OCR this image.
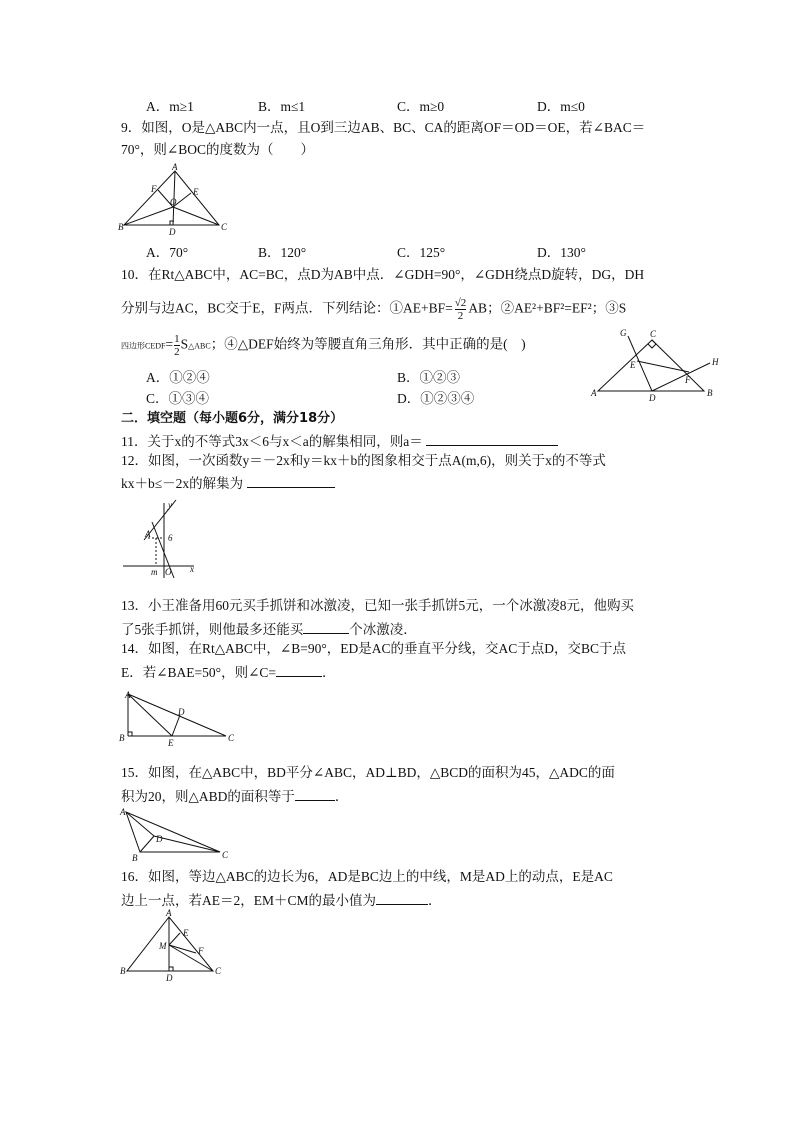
A．m≥1	B．m≤1	C．m≥0	D．m≤0
9．如图，O是△ABC内一点，且O到三边AB、BC、CA的距离OF＝OD＝OE，若∠BAC＝
70°，则∠BOC的度数为（　　）
A
F	E
O
B	D	C
A．70°	B．120°	C．125°	D．130°
10．在Rt△ABC中，AC=BC，点D为AB中点．∠GDH=90°，∠GDH绕点D旋转，DG，DH
分别与边AC，BC交于E，F两点．下列结论：①AE+BF= $\frac{√2}{2}$ AB；②AE²+BF²=EF²；③S
四边形CEDF= $\frac{1}{2}$ S△ABC；④△DEF始终为等腰直角三角形．其中正确的是(　)
A．①②④	B．①②③
C．①③④	D．①②③④
G	C
H
E
F
A	D	B
二．填空题（每小题6分，满分18分）
11．关于x的不等式3x＜6与x＜a的解集相同，则a＝
12．如图，一次函数y＝－2x和y＝kx＋b的图象相交于点A(m,6)，则关于x的不等式
kx＋b≤－2x的解集为
y
A 6
m O x
13．小王准备用60元买手抓饼和冰激凌，已知一张手抓饼5元，一个冰激凌8元，他购买
了5张手抓饼，则他最多还能买	个冰激凌．
14．如图，在Rt△ABC中，∠B=90°，ED是AC的垂直平分线，交AC于点D，交BC于点
E．若∠BAE=50°，则∠C=	．
A
D
B	E	C
15．如图，在△ABC中，BD平分∠ABC，AD⊥BD，△BCD的面积为45，△ADC的面
积为20，则△ABD的面积等于	．
A
D
B	C
16．如图，等边△ABC的边长为6，AD是BC边上的中线，M是AD上的动点，E是AC
边上一点，若AE＝2，EM＋CM的最小值为	．
A
E
M	F
B
D
C
